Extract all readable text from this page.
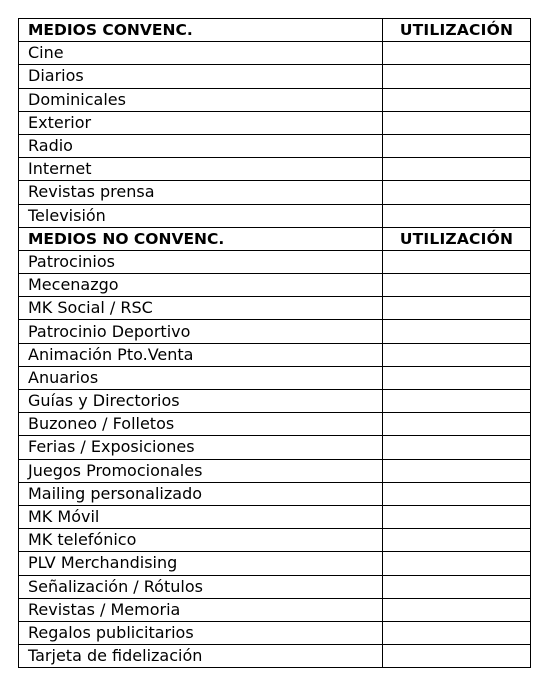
MEDIOS CONVENC.	UTILIZACIÓN
Cine	
Diarios	
Dominicales	
Exterior	
Radio	
Internet	
Revistas prensa	
Televisión	
MEDIOS NO CONVENC.	UTILIZACIÓN
Patrocinios	
Mecenazgo	
MK Social / RSC	
Patrocinio Deportivo	
Animación Pto.Venta	
Anuarios	
Guías y Directorios	
Buzoneo / Folletos	
Ferias / Exposiciones	
Juegos Promocionales	
Mailing personalizado	
MK Móvil	
MK telefónico	
PLV Merchandising	
Señalización / Rótulos	
Revistas / Memoria	
Regalos publicitarios	
Tarjeta de fidelización	
